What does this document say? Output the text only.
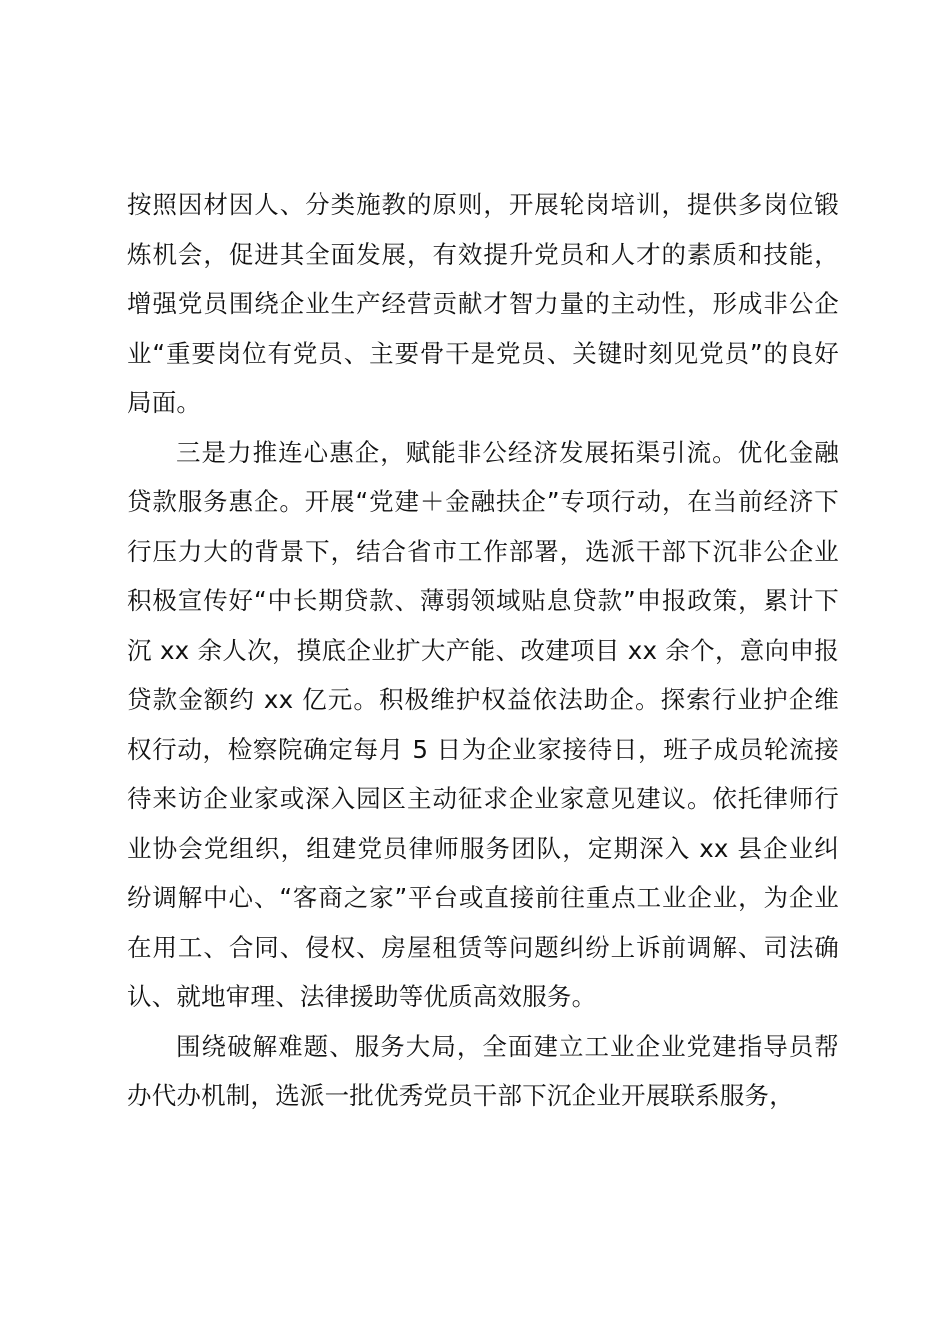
按照因材因人、分类施教的原则，开展轮岗培训，提供多岗位锻炼机会，促进其全面发展，有效提升党员和人才的素质和技能，增强党员围绕企业生产经营贡献才智力量的主动性，形成非公企业“重要岗位有党员、主要骨干是党员、关键时刻见党员”的良好局面。

三是力推连心惠企，赋能非公经济发展拓渠引流。优化金融贷款服务惠企。开展“党建＋金融扶企”专项行动，在当前经济下行压力大的背景下，结合省市工作部署，选派干部下沉非公企业积极宣传好“中长期贷款、薄弱领域贴息贷款”申报政策，累计下沉 xx 余人次，摸底企业扩大产能、改建项目 xx 余个，意向申报贷款金额约 xx 亿元。积极维护权益依法助企。探索行业护企维权行动，检察院确定每月 5 日为企业家接待日，班子成员轮流接待来访企业家或深入园区主动征求企业家意见建议。依托律师行业协会党组织，组建党员律师服务团队，定期深入 xx 县企业纠纷调解中心、“客商之家”平台或直接前往重点工业企业，为企业在用工、合同、侵权、房屋租赁等问题纠纷上诉前调解、司法确认、就地审理、法律援助等优质高效服务。

围绕破解难题、服务大局，全面建立工业企业党建指导员帮办代办机制，选派一批优秀党员干部下沉企业开展联系服务，
